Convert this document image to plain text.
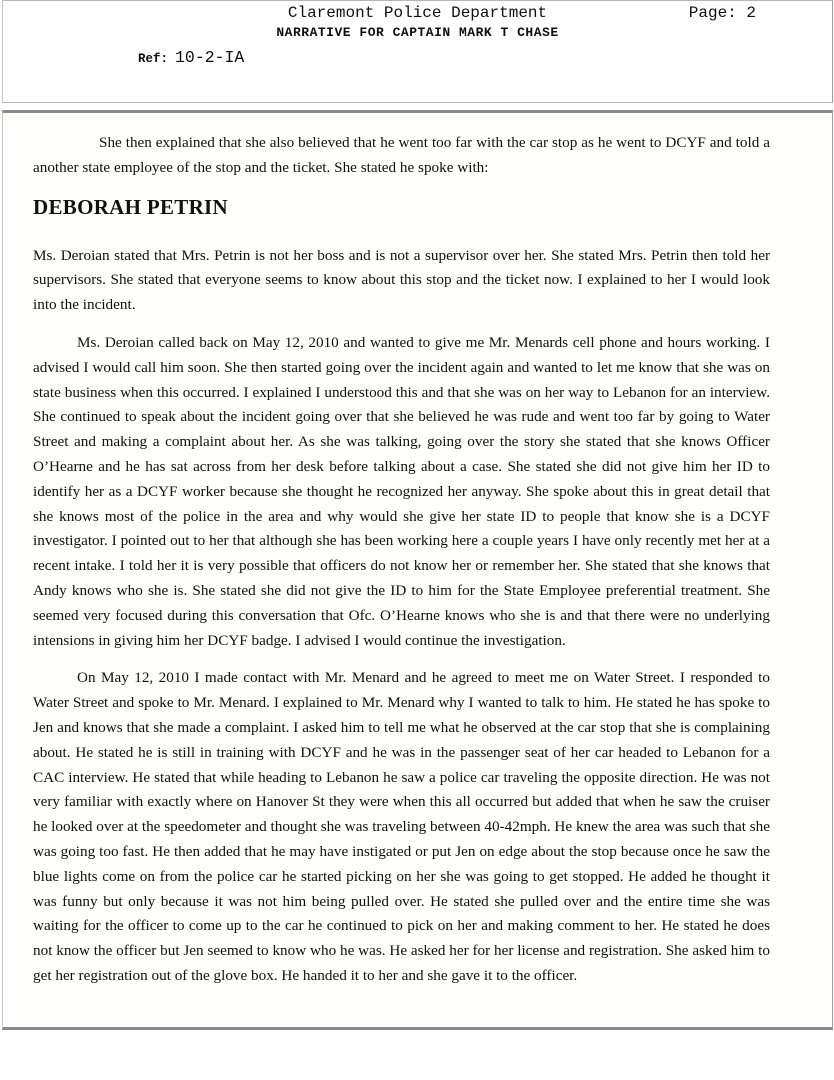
Claremont Police Department	Page: 2
NARRATIVE FOR CAPTAIN MARK T CHASE
Ref: 10-2-IA

She then explained that she also believed that he went too far with the car stop as he went to DCYF and told a another state employee of the stop and the ticket. She stated he spoke with:

DEBORAH PETRIN

Ms. Deroian stated that Mrs. Petrin is not her boss and is not a supervisor over her. She stated Mrs. Petrin then told her supervisors. She stated that everyone seems to know about this stop and the ticket now. I explained to her I would look into the incident.

Ms. Deroian called back on May 12, 2010 and wanted to give me Mr. Menards cell phone and hours working. I advised I would call him soon. She then started going over the incident again and wanted to let me know that she was on state business when this occurred. I explained I understood this and that she was on her way to Lebanon for an interview. She continued to speak about the incident going over that she believed he was rude and went too far by going to Water Street and making a complaint about her. As she was talking, going over the story she stated that she knows Officer O’Hearne and he has sat across from her desk before talking about a case. She stated she did not give him her ID to identify her as a DCYF worker because she thought he recognized her anyway. She spoke about this in great detail that she knows most of the police in the area and why would she give her state ID to people that know she is a DCYF investigator. I pointed out to her that although she has been working here a couple years I have only recently met her at a recent intake. I told her it is very possible that officers do not know her or remember her. She stated that she knows that Andy knows who she is. She stated she did not give the ID to him for the State Employee preferential treatment. She seemed very focused during this conversation that Ofc. O’Hearne knows who she is and that there were no underlying intensions in giving him her DCYF badge. I advised I would continue the investigation.

On May 12, 2010 I made contact with Mr. Menard and he agreed to meet me on Water Street. I responded to Water Street and spoke to Mr. Menard. I explained to Mr. Menard why I wanted to talk to him. He stated he has spoke to Jen and knows that she made a complaint. I asked him to tell me what he observed at the car stop that she is complaining about. He stated he is still in training with DCYF and he was in the passenger seat of her car headed to Lebanon for a CAC interview. He stated that while heading to Lebanon he saw a police car traveling the opposite direction. He was not very familiar with exactly where on Hanover St they were when this all occurred but added that when he saw the cruiser he looked over at the speedometer and thought she was traveling between 40-42mph. He knew the area was such that she was going too fast. He then added that he may have instigated or put Jen on edge about the stop because once he saw the blue lights come on from the police car he started picking on her she was going to get stopped. He added he thought it was funny but only because it was not him being pulled over. He stated she pulled over and the entire time she was waiting for the officer to come up to the car he continued to pick on her and making comment to her. He stated he does not know the officer but Jen seemed to know who he was. He asked her for her license and registration. She asked him to get her registration out of the glove box. He handed it to her and she gave it to the officer.
